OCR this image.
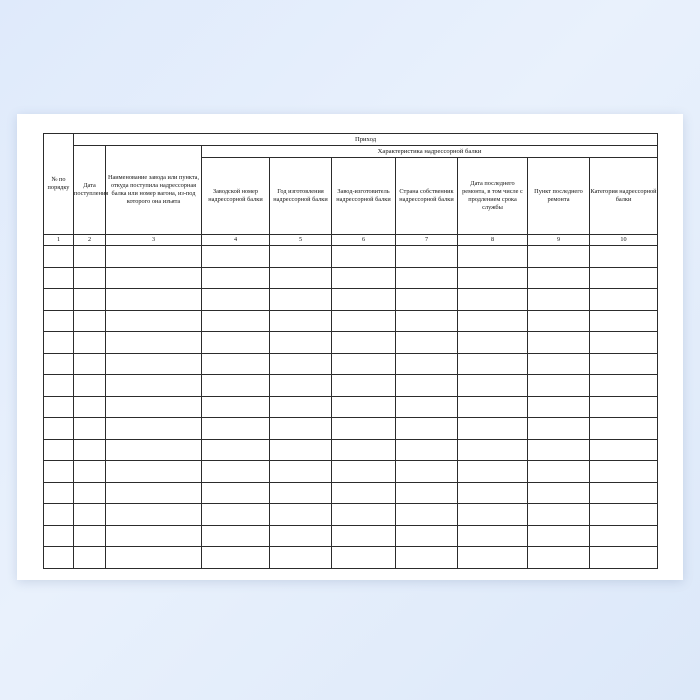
№ по порядку	Приход								
	Дата поступления	Наименование завода или пункта, откуда поступила надрессорная балка или номер вагона, из-под которого она изъята	Характеристика надрессорной балки						
			Заводской номер надрессорной балки	Год изготовления надрессорной балки	Завод-изготовитель надрессорной балки	Страна собственник надрессорной балки	Дата последнего ремонта, в том числе с продлением срока службы	Пункт последнего ремонта	Категория надрессорной балки
1	2	3	4	5	6	7	8	9	10
